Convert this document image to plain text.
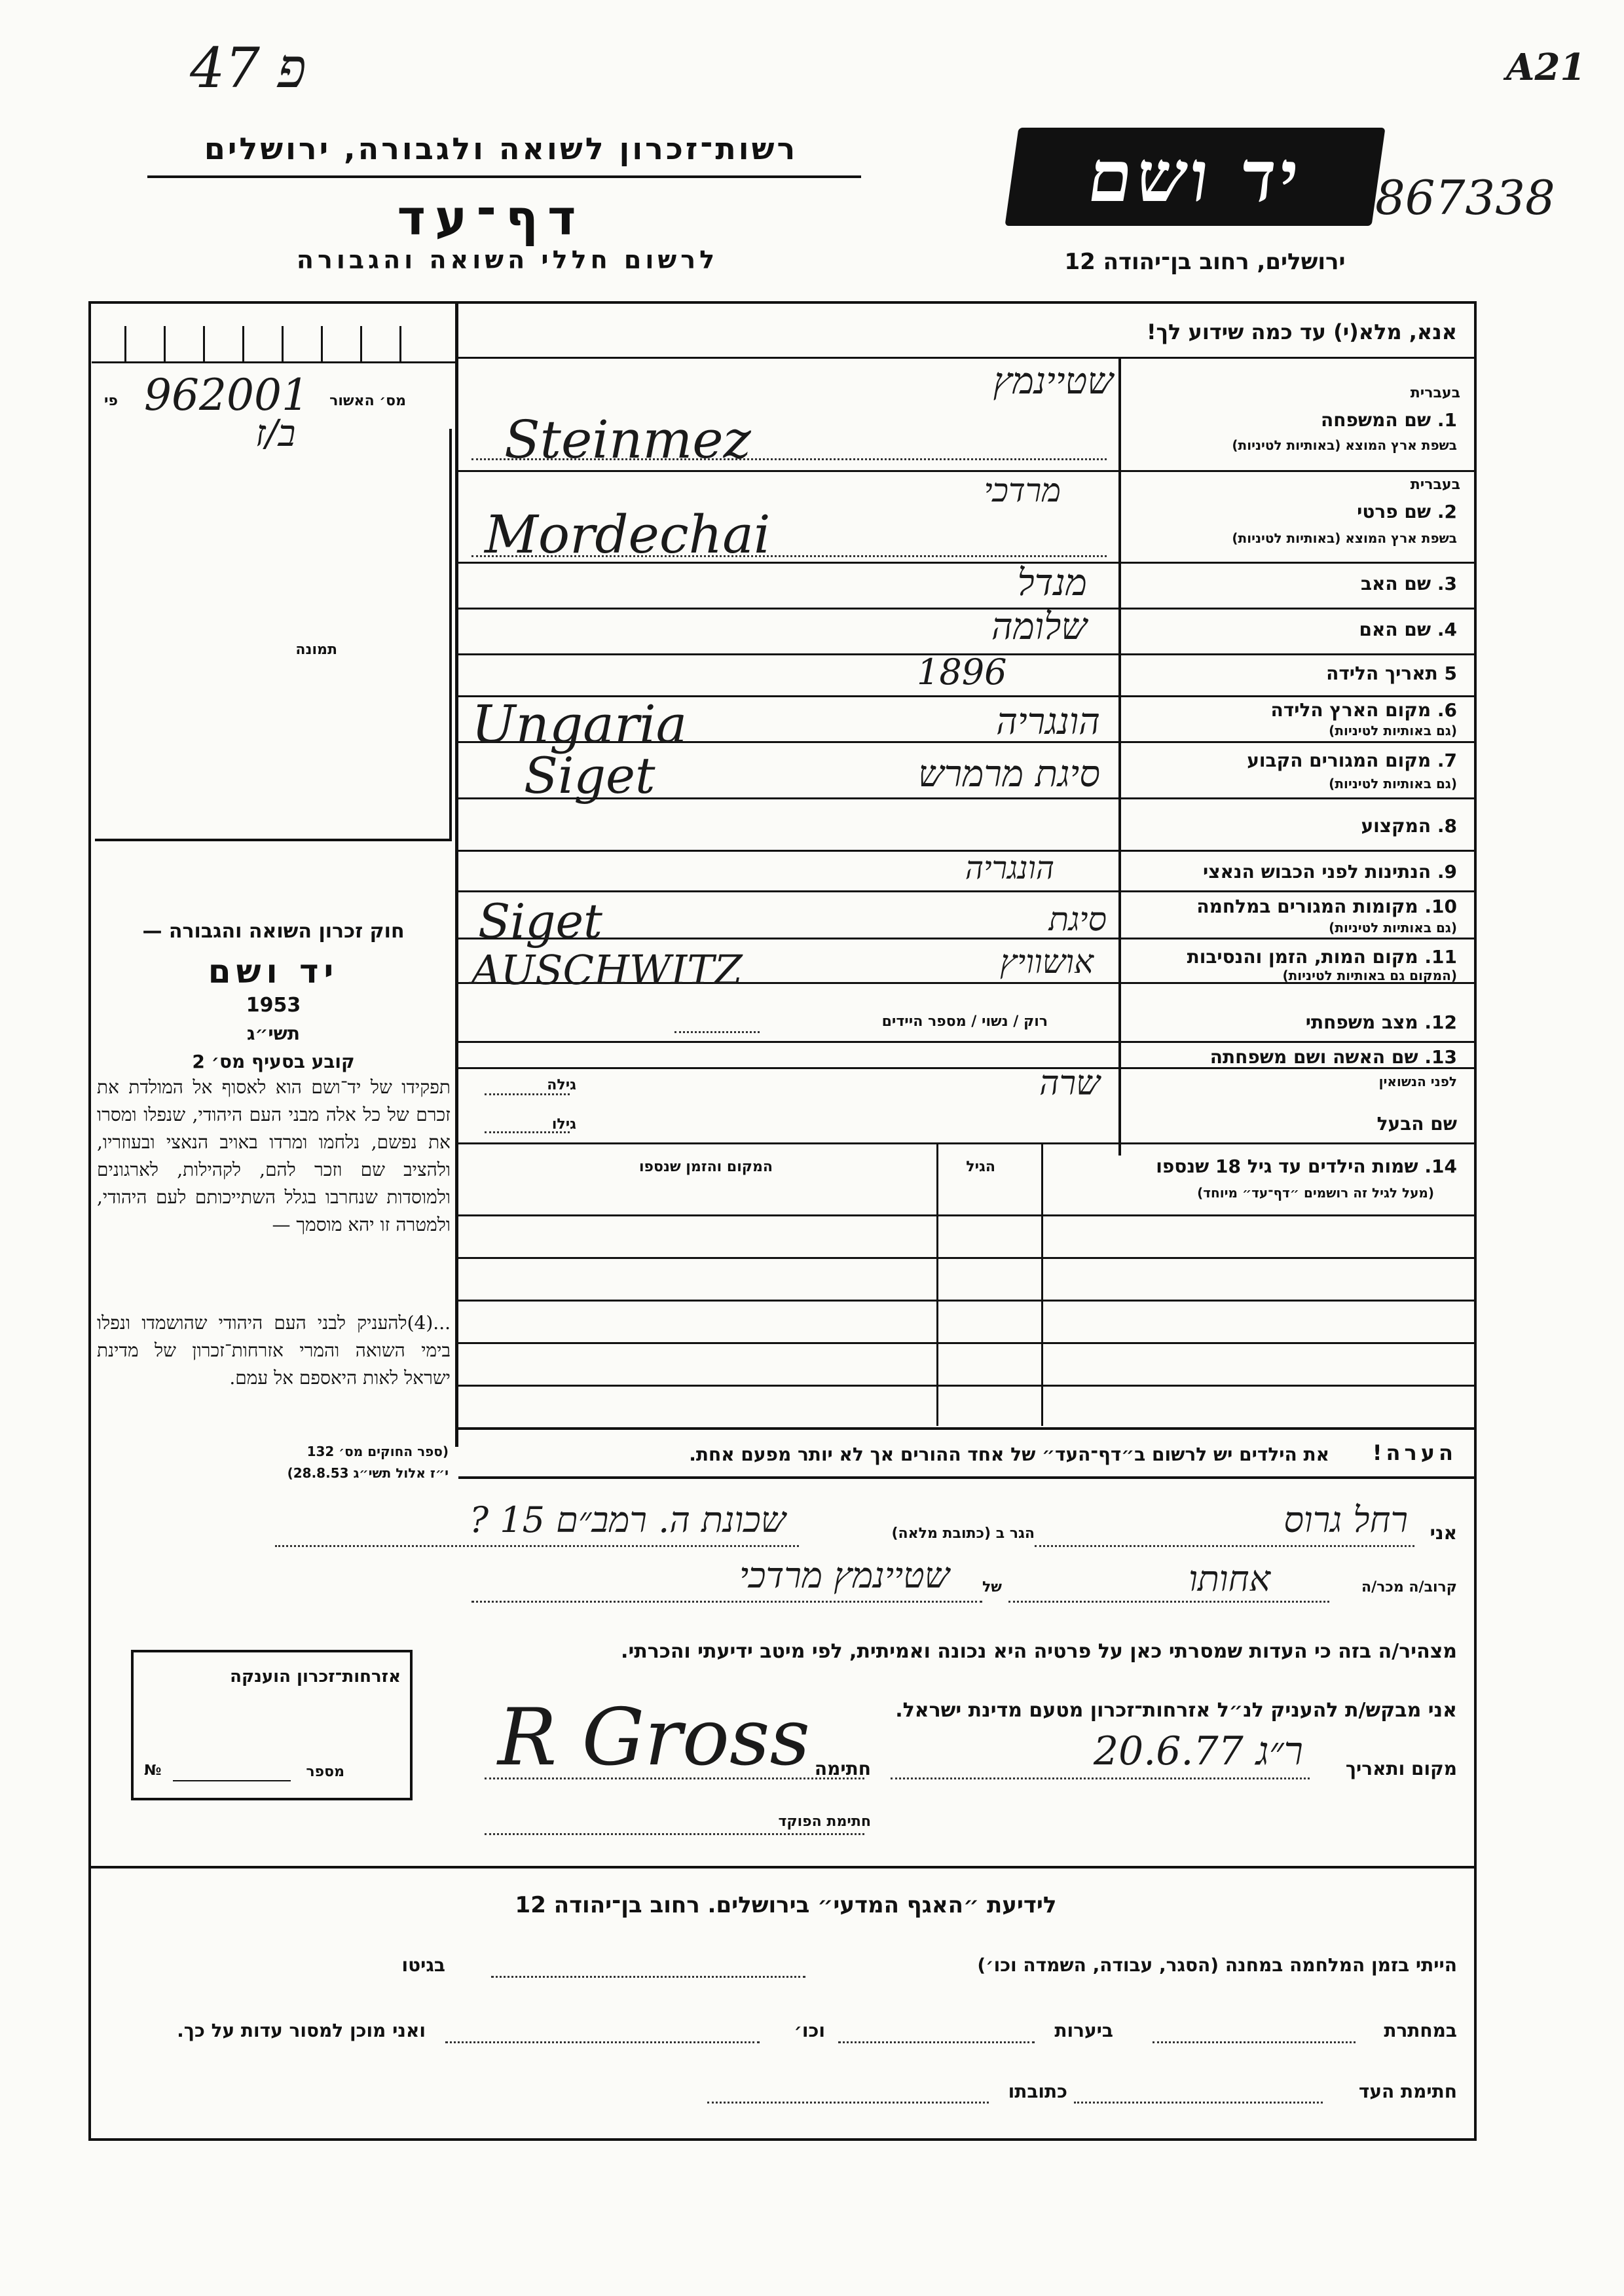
47 פ	A21
867338
רשות־זכרון לשואה ולגבורה, ירושלים
דף־עד
לרשום חללי השואה והגבורה
יד ושם
ירושלים, רחוב בן־יהודה 12
אנא, מלא(י) עד כמה שידוע לך!
מס׳ האשור
פי 962001
ב/ז
תמונה
בעברית
1. שם המשפחה
בשפת ארץ המוצא (באותיות לטיניות)
שטיינמץ
Steinmez
בעברית
2. שם פרטי
בשפת ארץ המוצא (באותיות לטיניות)
מרדכי
Mordechai
3. שם האב
מנדל
4. שם האם
שלומה
5 תאריך הלידה
1896
6. מקום הארץ הלידה
(גם באותיות לטיניות)
הונגריה
Ungaria
7. מקום המגורים הקבוע
(גם באותיות לטיניות)
סיגת מרמרש
Siget
8. המקצוע
9. הנתינות לפני הכבוש הנאצי
הונגריה
10. מקומות המגורים במלחמה
(גם באותיות לטיניות)
סיגת
Siget
11. מקום המות, הזמן והנסיבות
(המקום גם באותיות לטיניות)
אושוויץ
AUSCHWITZ
12. מצב משפחתי
רוק / נשוי / מספר היידים
13. שם האשה ושם משפחתה
לפני הנשואין
שרה
גילה
שם הבעל
גילו
14. שמות הילדים עד גיל 18 שנספו
(מעל לגיל זה רושמים ״דף־עד״ מיוחד)
הגיל
המקום והזמן שנספו
חוק זכרון השואה והגבורה —
יד ושם
תשי״ג
1953
קובע בסעיף מס׳ 2
תפקידו של יד־ושם הוא לאסוף אל המולדת את זכרם של כל אלה מבני העם היהודי, שנפלו ומסרו את נפשם, נלחמו ומרדו באויב הנאצי ובעוזריו, ולהציב שם וזכר להם, לקהילות, לארגונים ולמוסדות שנחרבו בגלל השתייכותם לעם היהודי, ולמטרה זו יהא מוסמך —
...(4)להעניק לבני העם היהודי שהושמדו ונפלו בימי השואה והמרי אזרחות־זכרון של מדינת ישראל לאות היאספם אל עמם.
(ספר החוקים מס׳ 132
י״ז אלול תשי״ג 28.8.53)
הערה!
את הילדים יש לרשום ב״דף־העד״ של אחד ההורים אך לא יותר מפעם אחת.
אני
רחל גרוס
הגר ב (כתובת מלאה)
שכונת ה. רמב״ם 15 ?
קרוב/ה מכר/ה
אחותו
של
שטיינמץ מרדכי
מצהיר/ה בזה כי העדות שמסרתי כאן על פרטיה היא נכונה ואמיתית, לפי מיטב ידיעתי והכרתי.
אני מבקש/ת להעניק לנ״ל אזרחות־זכרון מטעם מדינת ישראל.
מקום ותאריך
ר״ג 20.6.77
חתימה
R Gross
חתימת הפוקד
אזרחות־זכרון הוענקה
מספר
№
לידיעת ״האגף המדעי״ בירושלים. רחוב בן־יהודה 12
הייתי בזמן המלחמה במחנה (הסגר, עבודה, השמדה וכו׳)
בגיטו
במחתרת
ביערות
וכו׳
ואני מוכן למסור עדות על כך.
חתימת העד
כתובתו
